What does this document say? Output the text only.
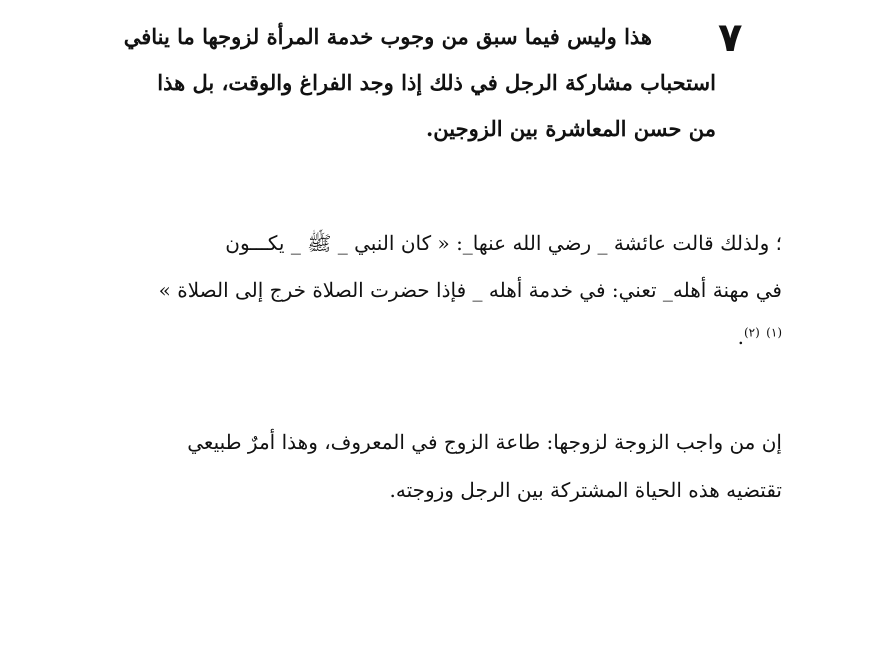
٧

هذا وليس فيما سبق من وجوب خدمة المرأة لزوجها ما ينافي
استحباب مشاركة الرجل في ذلك إذا وجد الفراغ والوقت، بل هذا
من حسن المعاشرة بين الزوجين.

؛ ولذلك قالت عائشة _ رضي الله عنها_: « كان النبي _ ﷺ _ يكـــون
في مهنة أهله_ تعني: في خدمة أهله _ فإذا حضرت الصلاة خرج إلى الصلاة »
$^{(١)}$ $^{(٢)}$.

إن من واجب الزوجة لزوجها: طاعة الزوج في المعروف، وهذا أمرٌ طبيعي
تقتضيه هذه الحياة المشتركة بين الرجل وزوجته.
